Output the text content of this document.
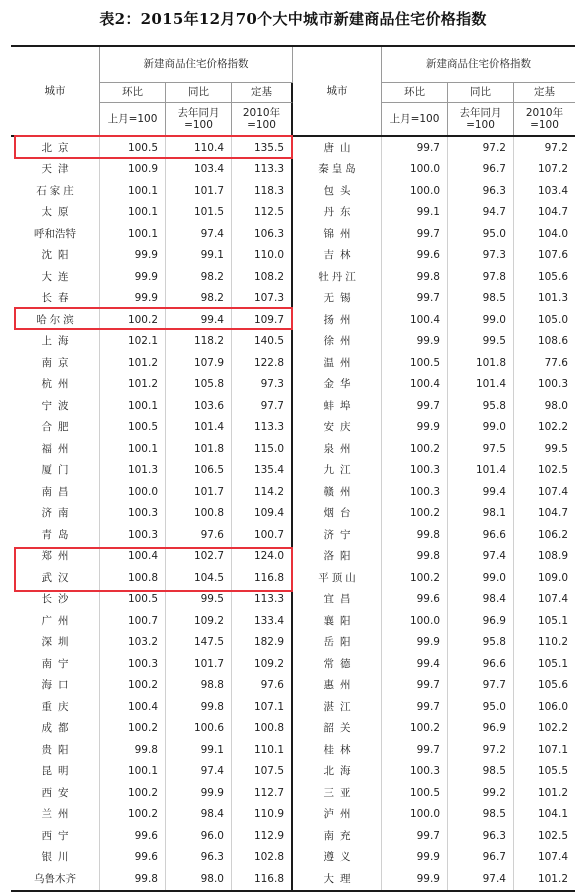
表2：2015年12月70个大中城市新建商品住宅价格指数
城市
新建商品住宅价格指数
环比	同比	定基
上月=100
去年同月=100
2010年=100
城市
新建商品住宅价格指数
环比	同比	定基
上月=100
去年同月=100
2010年=100
北京	100.5	110.4	135.5	唐山	99.7	97.2	97.2
天津	100.9	103.4	113.3	秦皇岛	100.0	96.7	107.2
石家庄	100.1	101.7	118.3	包头	100.0	96.3	103.4
太原	100.1	101.5	112.5	丹东	99.1	94.7	104.7
呼和浩特	100.1	97.4	106.3	锦州	99.7	95.0	104.0
沈阳	99.9	99.1	110.0	吉林	99.6	97.3	107.6
大连	99.9	98.2	108.2	牡丹江	99.8	97.8	105.6
长春	99.9	98.2	107.3	无锡	99.7	98.5	101.3
哈尔滨	100.2	99.4	109.7	扬州	100.4	99.0	105.0
上海	102.1	118.2	140.5	徐州	99.9	99.5	108.6
南京	101.2	107.9	122.8	温州	100.5	101.8	77.6
杭州	101.2	105.8	97.3	金华	100.4	101.4	100.3
宁波	100.1	103.6	97.7	蚌埠	99.7	95.8	98.0
合肥	100.5	101.4	113.3	安庆	99.9	99.0	102.2
福州	100.1	101.8	115.0	泉州	100.2	97.5	99.5
厦门	101.3	106.5	135.4	九江	100.3	101.4	102.5
南昌	100.0	101.7	114.2	赣州	100.3	99.4	107.4
济南	100.3	100.8	109.4	烟台	100.2	98.1	104.7
青岛	100.3	97.6	100.7	济宁	99.8	96.6	106.2
郑州	100.4	102.7	124.0	洛阳	99.8	97.4	108.9
武汉	100.8	104.5	116.8	平顶山	100.2	99.0	109.0
长沙	100.5	99.5	113.3	宜昌	99.6	98.4	107.4
广州	100.7	109.2	133.4	襄阳	100.0	96.9	105.1
深圳	103.2	147.5	182.9	岳阳	99.9	95.8	110.2
南宁	100.3	101.7	109.2	常德	99.4	96.6	105.1
海口	100.2	98.8	97.6	惠州	99.7	97.7	105.6
重庆	100.4	99.8	107.1	湛江	99.7	95.0	106.0
成都	100.2	100.6	100.8	韶关	100.2	96.9	102.2
贵阳	99.8	99.1	110.1	桂林	99.7	97.2	107.1
昆明	100.1	97.4	107.5	北海	100.3	98.5	105.5
西安	100.2	99.9	112.7	三亚	100.5	99.2	101.2
兰州	100.2	98.4	110.9	泸州	100.0	98.5	104.1
西宁	99.6	96.0	112.9	南充	99.7	96.3	102.5
银川	99.6	96.3	102.8	遵义	99.9	96.7	107.4
乌鲁木齐	99.8	98.0	116.8	大理	99.9	97.4	101.2
